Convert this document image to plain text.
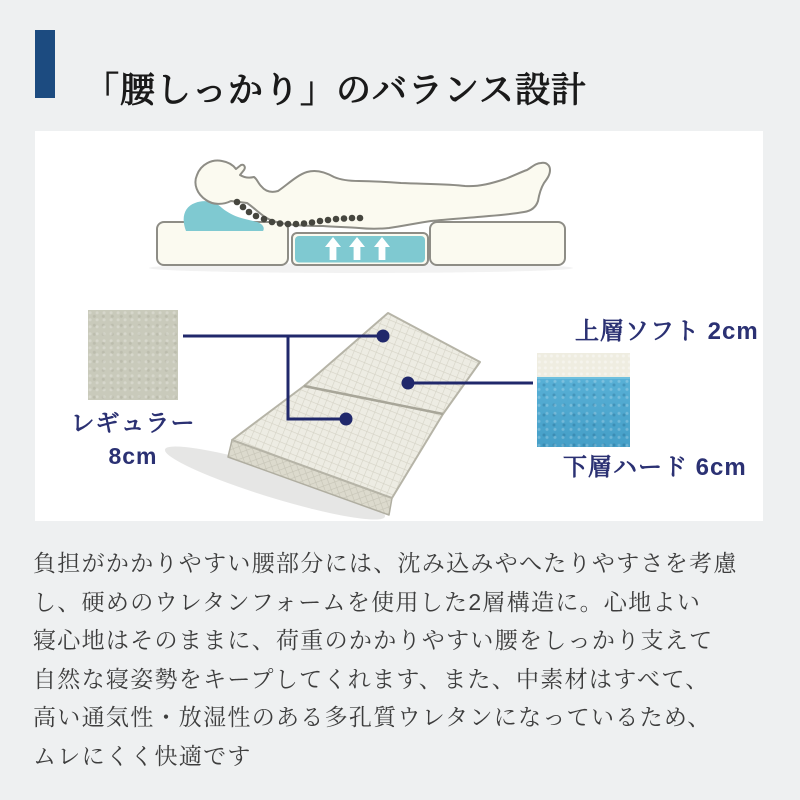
「腰しっかり」のバランス設計
レギュラー
8cm
上層ソフト 2cm
下層ハード 6cm
負担がかかりやすい腰部分には、沈み込みやへたりやすさを考慮
し、硬めのウレタンフォームを使用した2層構造に。心地よい
寝心地はそのままに、荷重のかかりやすい腰をしっかり支えて
自然な寝姿勢をキープしてくれます、また、中素材はすべて、
高い通気性・放湿性のある多孔質ウレタンになっているため、
ムレにくく快適です
